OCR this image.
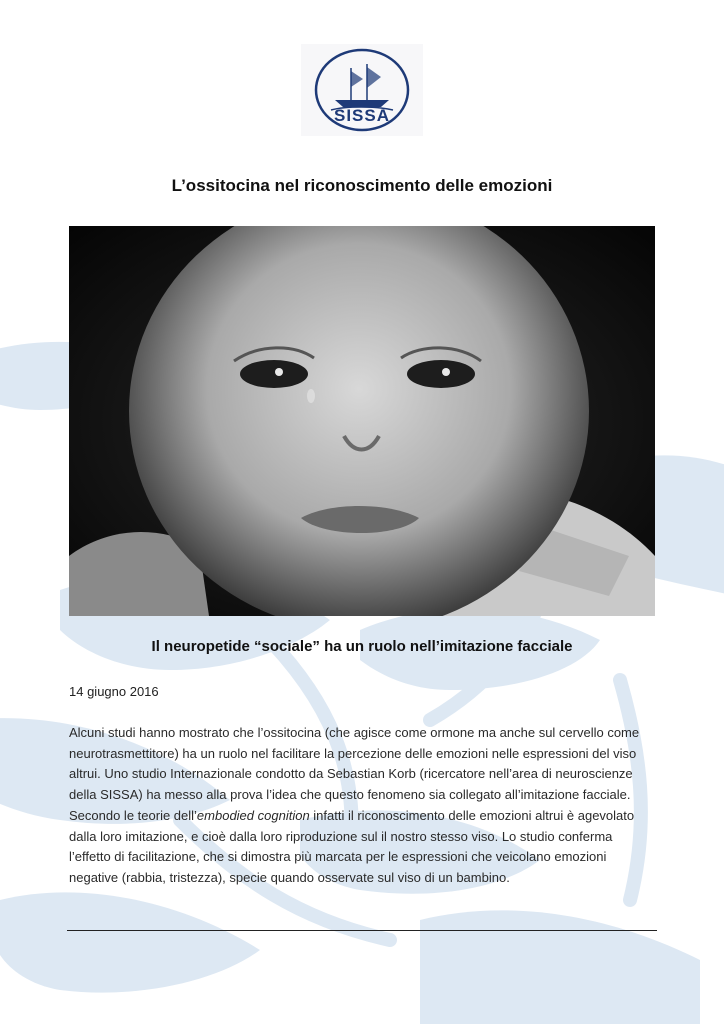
SISSA
L’ossitocina nel riconoscimento delle emozioni
Il neuropetide “sociale” ha un ruolo nell’imitazione facciale
14 giugno 2016

Alcuni studi hanno mostrato che l’ossitocina (che agisce come ormone ma anche sul cervello come neurotrasmettitore) ha un ruolo nel facilitare la percezione delle emozioni nelle espressioni del viso altrui. Uno studio Internazionale condotto da Sebastian Korb (ricercatore nell’area di neuroscienze della SISSA) ha messo alla prova l’idea che questo fenomeno sia collegato all’imitazione facciale. Secondo le teorie dell’embodied cognition infatti il riconoscimento delle emozioni altrui è agevolato dalla loro imitazione, e cioè dalla loro riproduzione sul il nostro stesso viso. Lo studio conferma l’effetto di facilitazione, che si dimostra più marcata per le espressioni che veicolano emozioni negative (rabbia, tristezza), specie quando osservate sul viso di un bambino.
